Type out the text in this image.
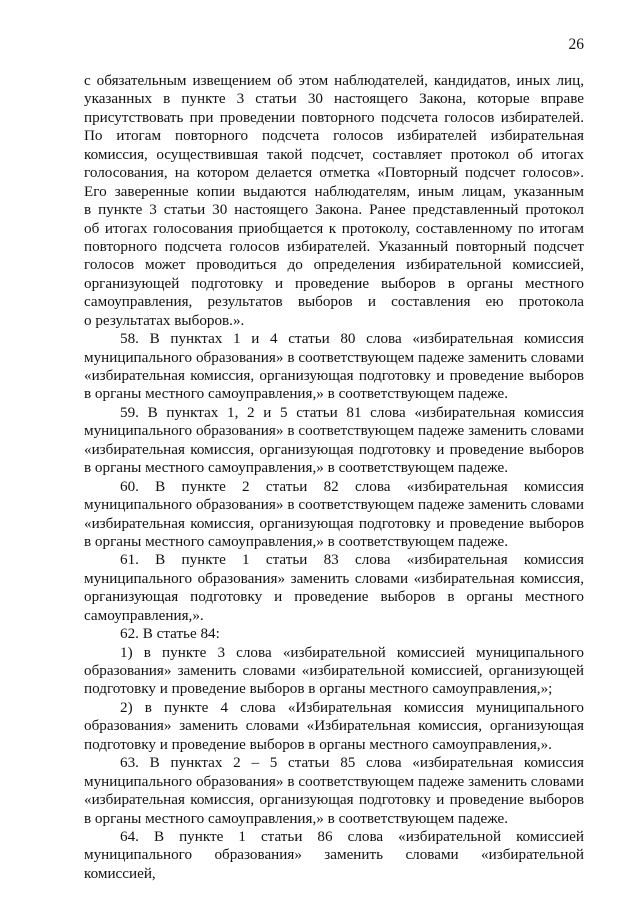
26
с обязательным извещением об этом наблюдателей, кандидатов, иных лиц,
указанных в пункте 3 статьи 30 настоящего Закона, которые вправе
присутствовать при проведении повторного подсчета голосов избирателей.
По итогам повторного подсчета голосов избирателей избирательная
комиссия, осуществившая такой подсчет, составляет протокол об итогах
голосования, на котором делается отметка «Повторный подсчет голосов».
Его заверенные копии выдаются наблюдателям, иным лицам, указанным
в пункте 3 статьи 30 настоящего Закона. Ранее представленный протокол
об итогах голосования приобщается к протоколу, составленному по итогам
повторного подсчета голосов избирателей. Указанный повторный подсчет
голосов может проводиться до определения избирательной комиссией,
организующей подготовку и проведение выборов в органы местного
самоуправления, результатов выборов и составления ею протокола
о результатах выборов.».
58. В пунктах 1 и 4 статьи 80 слова «избирательная комиссия
муниципального образования» в соответствующем падеже заменить словами
«избирательная комиссия, организующая подготовку и проведение выборов
в органы местного самоуправления,» в соответствующем падеже.
59. В пунктах 1, 2 и 5 статьи 81 слова «избирательная комиссия
муниципального образования» в соответствующем падеже заменить словами
«избирательная комиссия, организующая подготовку и проведение выборов
в органы местного самоуправления,» в соответствующем падеже.
60. В пункте 2 статьи 82 слова «избирательная комиссия
муниципального образования» в соответствующем падеже заменить словами
«избирательная комиссия, организующая подготовку и проведение выборов
в органы местного самоуправления,» в соответствующем падеже.
61. В пункте 1 статьи 83 слова «избирательная комиссия
муниципального образования» заменить словами «избирательная комиссия,
организующая подготовку и проведение выборов в органы местного
самоуправления,».
62. В статье 84:
1) в пункте 3 слова «избирательной комиссией муниципального
образования» заменить словами «избирательной комиссией, организующей
подготовку и проведение выборов в органы местного самоуправления,»;
2) в пункте 4 слова «Избирательная комиссия муниципального
образования» заменить словами «Избирательная комиссия, организующая
подготовку и проведение выборов в органы местного самоуправления,».
63. В пунктах 2 – 5 статьи 85 слова «избирательная комиссия
муниципального образования» в соответствующем падеже заменить словами
«избирательная комиссия, организующая подготовку и проведение выборов
в органы местного самоуправления,» в соответствующем падеже.
64. В пункте 1 статьи 86 слова «избирательной комиссией
муниципального образования» заменить словами «избирательной комиссией,
